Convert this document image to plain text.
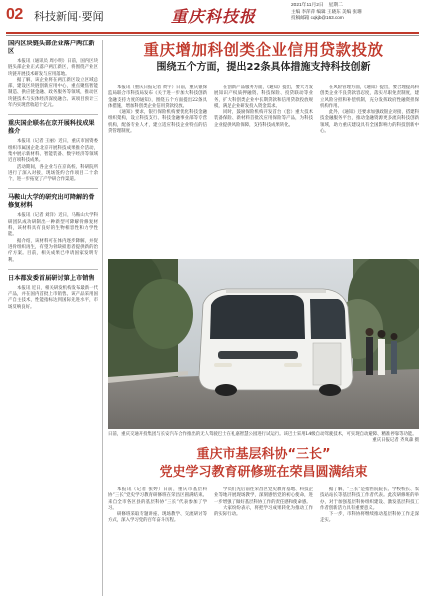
02 科技新闻·要闻	重庆科技报
2021年11月2日　星期二
主编 李萍萍 编辑 王晓东 美编 张珊
投稿邮箱 cqkjb@163.com
国内区块链头部企业落户两江新区

本报讯（通讯员 周小明）日前，国内区块链头部企业正式落户两江新区，将围绕产业区块链开展技术研发与应用落地。

据了解，该企业将在两江新区设立区域总部，建设区块链创新应用中心，重点聚焦智能制造、供应链金融、政务服务等领域，推动区块链技术与实体经济深度融合。该项目预计三年内实现营收超十亿元。

重庆国企联名在京开展科技成果推介

本报讯（记者 王丽）近日，重庆市国资委组织市属国企赴北京开展科技成果推介活动，集中展示新材料、智能装备、数字经济等领域近百项科技成果。

活动期间，各企业与在京高校、科研院所进行了深入对接，现场签约合作项目二十余个，进一步拓宽了产学研合作渠道。

马鞍山大学的研究出可降解的骨修复材料

本报讯（记者 刘洋）近日，马鞍山大学科研团队成功研制出一种新型可降解骨修复材料，该材料具有良好的生物相容性和力学性能。

据介绍，该材料可在体内逐步降解，并促进骨组织再生，有望为骨缺损患者提供新的治疗方案。目前，相关成果已申请国家发明专利。

日本都发委首届研讨第上市销售

本报讯 近日，相关研发机构发布最新一代产品，并在国内首批上市销售。该产品采用国产自主技术，性能指标达到国际先进水平，市场反响良好。

重庆增加科创类企业信用贷款投放
围绕五个方面，提出22条具体措施支持科技创新

本报讯（重庆日报记者 黄宇）日前，重庆银保监局联合市科技局发布《关于进一步加大科技创新金融支持力度的通知》，围绕五个方面提出22条具体措施，增加科创类企业信用贷款投放。

《通知》要求，银行保险机构要优化科技金融组织架构，设立科技支行、科技金融事业部等专营机构，配备专业人才，建立适应科技企业特点的信贷管理制度。

在创新产品服务方面，《通知》提出，要大力发展知识产权质押融资、科技保险、投贷联动等业务，扩大科创类企业中长期贷款和信用贷款投放规模，满足企业研发投入资金需求。

同时，鼓励保险机构开发首台（套）重大技术装备保险、新材料首批次应用保险等产品，为科技企业提供风险保障，支持科技成果转化。

在风险管理方面，《通知》提出，要合理提高科创类企业不良贷款容忍度，落实尽职免责制度，建立风险分担和补偿机制，充分发挥政府性融资担保机构作用。

此外，《通知》还要求加强政银企对接，搭建科技金融服务平台，推动金融资源更多流向科技创新领域，助力重庆建设具有全国影响力的科技创新中心。

日前，重庆交通开投集团与长安汽车合作推出的无人驾驶巴士在礼嘉智慧公园进行试运行。该巴士采用L4级自动驾驶技术，可实现自动避障、精准停靠等功能。
重庆日报记者 齐岚森 摄
重庆市基层科协“三长”
党史学习教育研修班在荣昌圆满结束

本报讯（记者 张婷）日前，重庆市基层科协“三长”党史学习教育研修班在荣昌区圆满结束。来自全市各区县的基层科协“三长”代表参加了学习。

研修班采取专题讲座、现场教学、交流研讨等方式，深入学习党的百年奋斗历程。

学员们先后前往荣昌区党史教育基地、科技企业等地开展现场教学，深刻感悟党的初心使命，进一步增强了做好基层科协工作的责任感和使命感。

大家纷纷表示，将把学习成果转化为推动工作的实际行动。

据了解，“三长”是指医院院长、学校校长、农技站站长等基层科技工作者代表。此次研修班的举办，对于加强基层科协组织建设、激发基层科技工作者创新活力具有重要意义。

下一步，市科协将继续推动基层科协工作走深走实。
